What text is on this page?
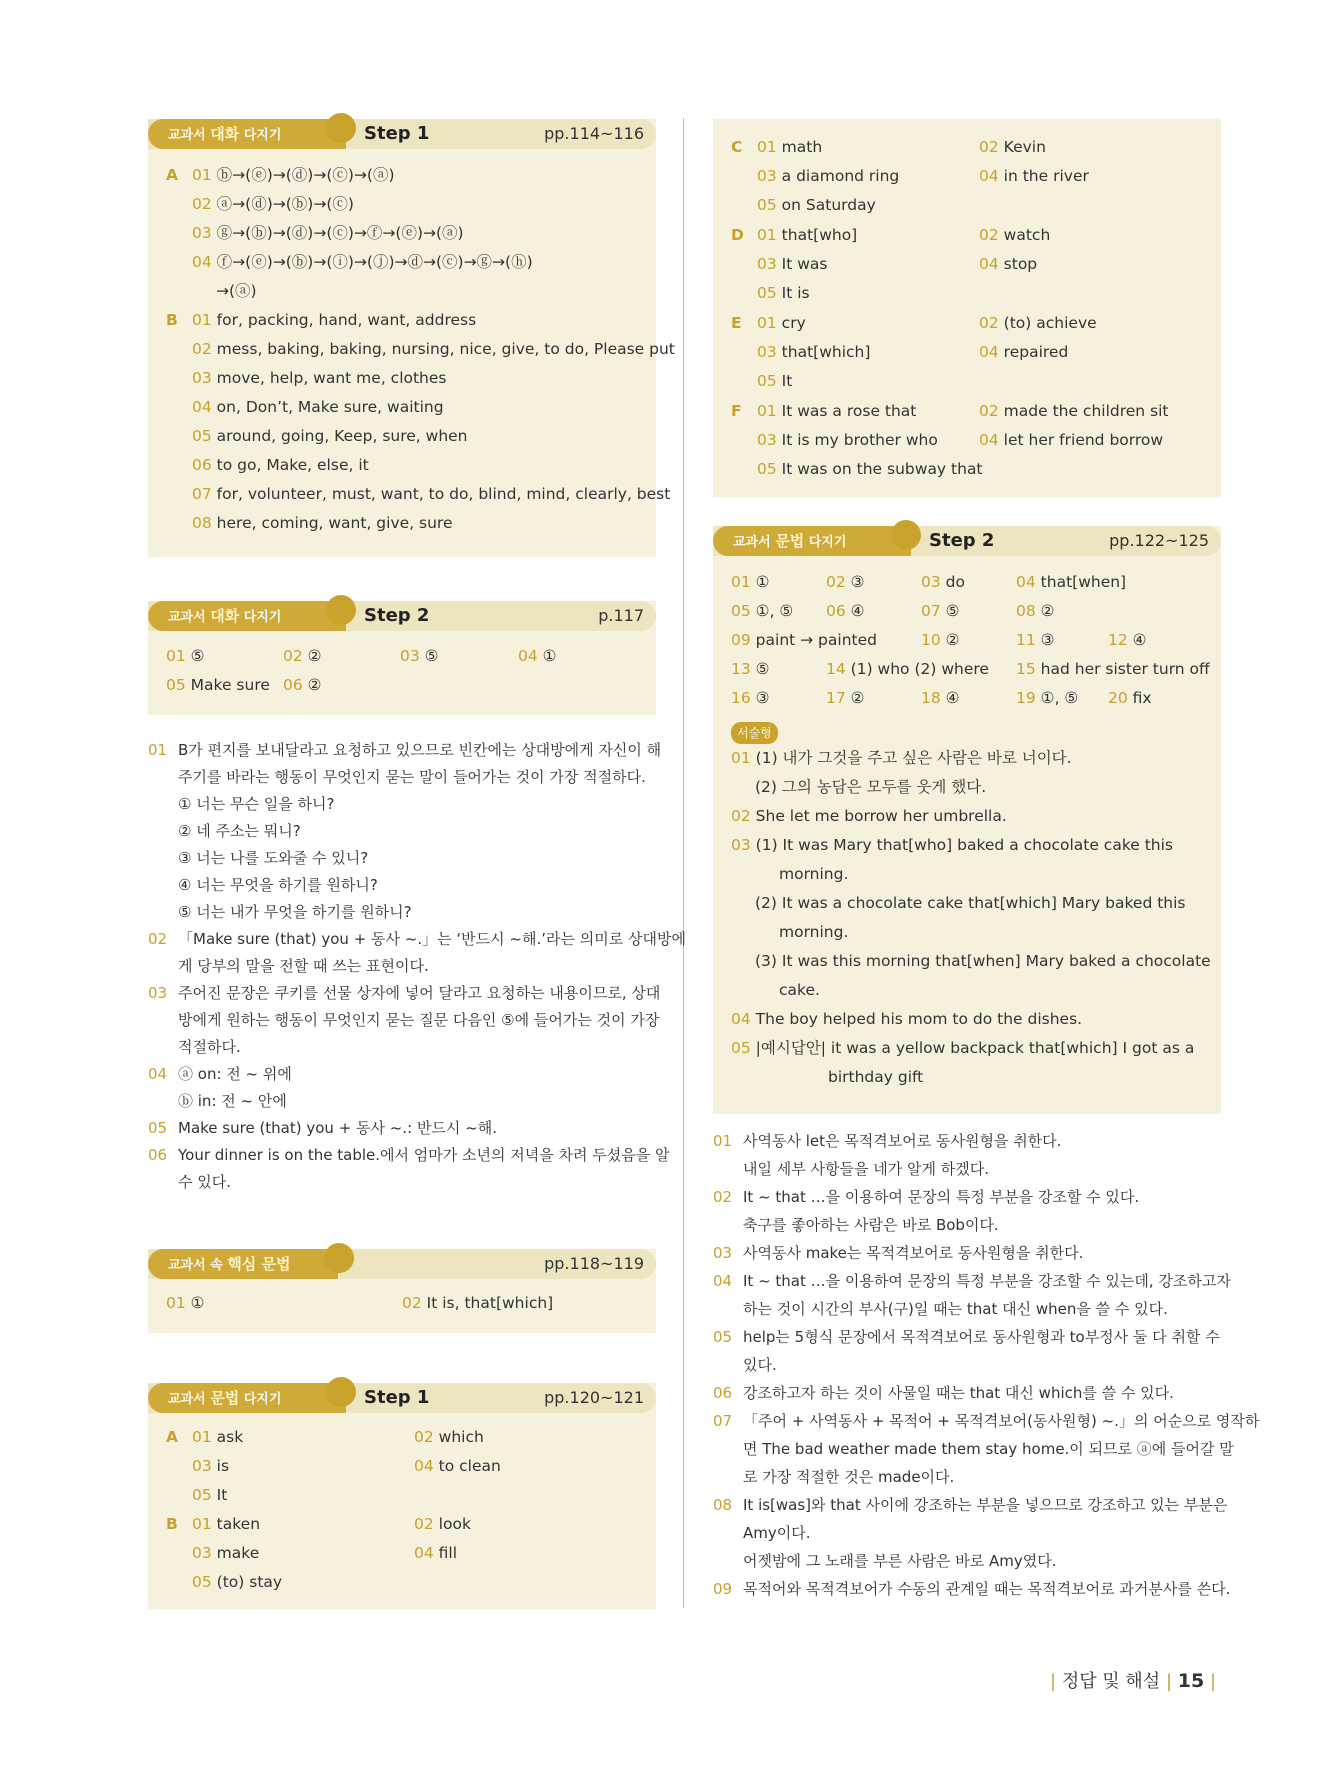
교과서 대화 다지기	Step 1	pp.114~116
A 01 ⓑ→(ⓔ)→(ⓓ)→(ⓒ)→(ⓐ)
02 ⓐ→(ⓓ)→(ⓑ)→(ⓒ)
03 ⓖ→(ⓑ)→(ⓓ)→(ⓒ)→ⓕ→(ⓔ)→(ⓐ)
04 ⓕ→(ⓔ)→(ⓑ)→(ⓘ)→(ⓙ)→ⓓ→(ⓒ)→ⓖ→(ⓗ)
→(ⓐ)
B 01 for, packing, hand, want, address
02 mess, baking, baking, nursing, nice, give, to do, Please put
03 move, help, want me, clothes
04 on, Don’t, Make sure, waiting
05 around, going, Keep, sure, when
06 to go, Make, else, it
07 for, volunteer, must, want, to do, blind, mind, clearly, best
08 here, coming, want, give, sure
교과서 대화 다지기	Step 2	p.117
01 ⑤	02 ②	03 ⑤	04 ①
05 Make sure 06 ②
01 B가 편지를 보내달라고 요청하고 있으므로 빈칸에는 상대방에게 자신이 해
주기를 바라는 행동이 무엇인지 묻는 말이 들어가는 것이 가장 적절하다.
① 너는 무슨 일을 하니?
② 네 주소는 뭐니?
③ 너는 나를 도와줄 수 있니?
④ 너는 무엇을 하기를 원하니?
⑤ 너는 내가 무엇을 하기를 원하니?
02 「Make sure (that) you + 동사 ~.」는 ‘반드시 ~해.’라는 의미로 상대방에
게 당부의 말을 전할 때 쓰는 표현이다.
03 주어진 문장은 쿠키를 선물 상자에 넣어 달라고 요청하는 내용이므로, 상대
방에게 원하는 행동이 무엇인지 묻는 질문 다음인 ⑤에 들어가는 것이 가장
적절하다.
04 ⓐ on: 전 ~ 위에
ⓑ in: 전 ~ 안에
05 Make sure (that) you + 동사 ~.: 반드시 ~해.
06 Your dinner is on the table.에서 엄마가 소년의 저녁을 차려 두셨음을 알
수 있다.
교과서 속 핵심 문법	pp.118~119
01 ①	02 It is, that[which]
교과서 문법 다지기	Step 1	pp.120~121
A 01 ask	02 which
03 is	04 to clean
05 It
B 01 taken	02 look
03 make	04 fill
05 (to) stay
C 01 math	02 Kevin
03 a diamond ring	04 in the river
05 on Saturday
D 01 that[who]	02 watch
03 It was	04 stop
05 It is
E 01 cry	02 (to) achieve
03 that[which]	04 repaired
05 It
F 01 It was a rose that	02 made the children sit
03 It is my brother who	04 let her friend borrow
05 It was on the subway that
교과서 문법 다지기	Step 2	pp.122~125
01 ①	02 ③	03 do	04 that[when]
05 ①, ⑤ 06 ④	07 ⑤	08 ②
09 paint → painted	10 ②	11 ③	12 ④
13 ⑤	14 (1) who (2) where 15 had her sister turn off
16 ③	17 ②	18 ④	19 ①, ⑤ 20 fix
서술형
01 (1) 내가 그것을 주고 싶은 사람은 바로 너이다.
(2) 그의 농담은 모두를 웃게 했다.
02 She let me borrow her umbrella.
03 (1) It was Mary that[who] baked a chocolate cake this
morning.
(2) It was a chocolate cake that[which] Mary baked this
morning.
(3) It was this morning that[when] Mary baked a chocolate
cake.
04 The boy helped his mom to do the dishes.
05 |예시답안| it was a yellow backpack that[which] I got as a
birthday gift
01 사역동사 let은 목적격보어로 동사원형을 취한다.
내일 세부 사항들을 네가 알게 하겠다.
02 It ~ that …을 이용하여 문장의 특정 부분을 강조할 수 있다.
축구를 좋아하는 사람은 바로 Bob이다.
03 사역동사 make는 목적격보어로 동사원형을 취한다.
04 It ~ that …을 이용하여 문장의 특정 부분을 강조할 수 있는데, 강조하고자
하는 것이 시간의 부사(구)일 때는 that 대신 when을 쓸 수 있다.
05 help는 5형식 문장에서 목적격보어로 동사원형과 to부정사 둘 다 취할 수
있다.
06 강조하고자 하는 것이 사물일 때는 that 대신 which를 쓸 수 있다.
07 「주어 + 사역동사 + 목적어 + 목적격보어(동사원형) ~.」의 어순으로 영작하
면 The bad weather made them stay home.이 되므로 ⓐ에 들어갈 말
로 가장 적절한 것은 made이다.
08 It is[was]와 that 사이에 강조하는 부분을 넣으므로 강조하고 있는 부분은
Amy이다.
어젯밤에 그 노래를 부른 사람은 바로 Amy였다.
09 목적어와 목적격보어가 수동의 관계일 때는 목적격보어로 과거분사를 쓴다.
| 정답 및 해설 | 15 |
